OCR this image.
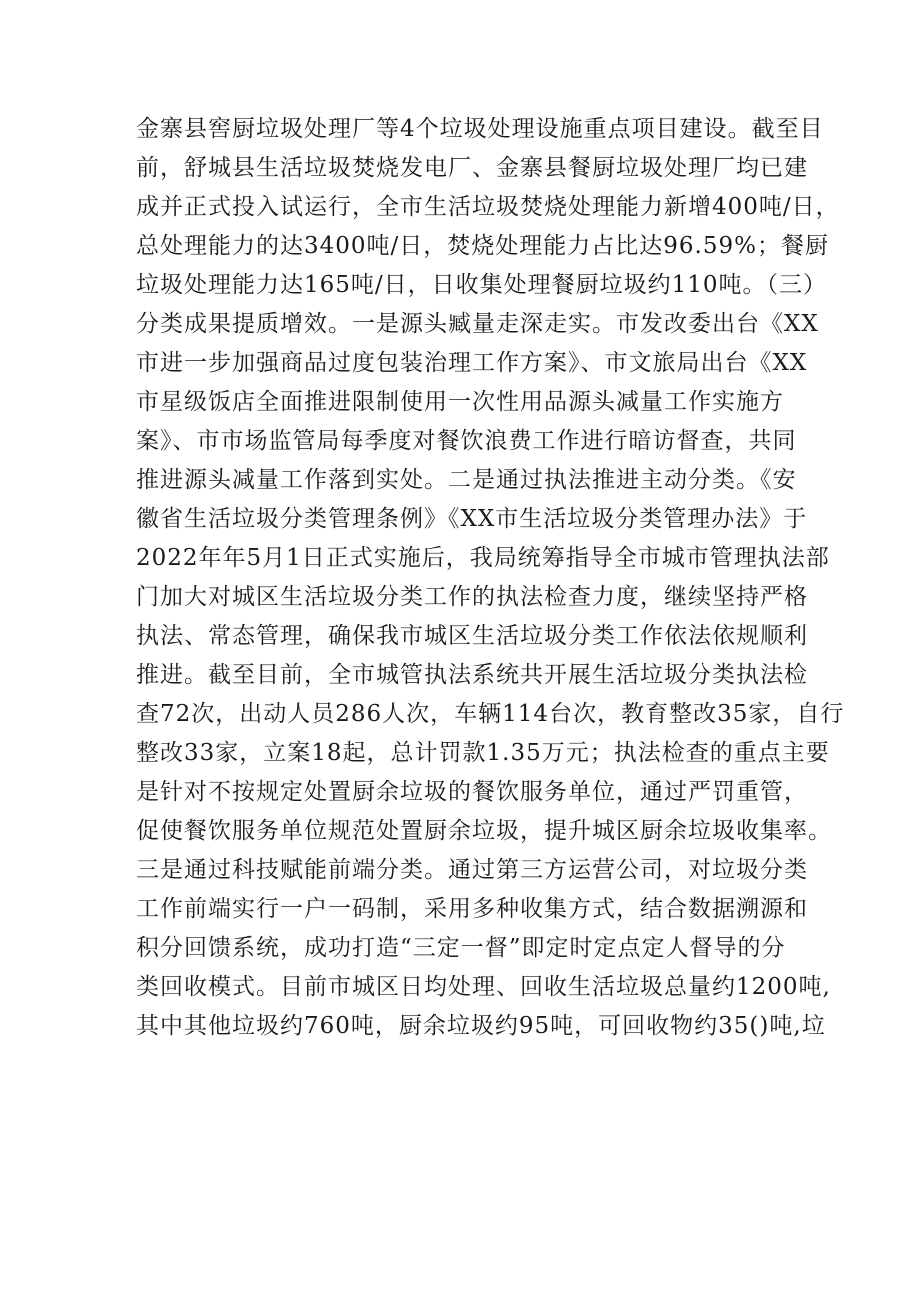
金寨县窖厨垃圾处理厂等4个垃圾处理设施重点项目建设。截至目
前，舒城县生活垃圾焚烧发电厂、金寨县餐厨垃圾处理厂均已建
成并正式投入试运行，全市生活垃圾焚烧处理能力新增400吨/日，
总处理能力的达3400吨/日，焚烧处理能力占比达96.59%；餐厨
垃圾处理能力达165吨/日，日收集处理餐厨垃圾约110吨。（三）
分类成果提质增效。一是源头臧量走深走实。市发改委出台《XX
市进一步加强商品过度包装治理工作方案》、市文旅局出台《XX
市星级饭店全面推进限制使用一次性用品源头减量工作实施方
案》、市市场监管局每季度对餐饮浪费工作进行暗访督查，共同
推进源头减量工作落到实处。二是通过执法推进主动分类。《安
徽省生活垃圾分类管理条例》《XX市生活垃圾分类管理办法》于
2022年年5月1日正式实施后，我局统筹指导全市城市管理执法部
门加大对城区生活垃圾分类工作的执法检查力度，继续坚持严格
执法、常态管理，确保我市城区生活垃圾分类工作依法依规顺利
推进。截至目前，全市城管执法系统共开展生活垃圾分类执法检
查72次，出动人员286人次，车辆114台次，教育整改35家，自行
整改33家，立案18起，总计罚款1.35万元；执法检查的重点主要
是针对不按规定处置厨余垃圾的餐饮服务单位，通过严罚重管，
促使餐饮服务单位规范处置厨余垃圾，提升城区厨余垃圾收集率。
三是通过科技赋能前端分类。通过第三方运营公司，对垃圾分类
工作前端实行一户一码制，采用多种收集方式，结合数据溯源和
积分回馈系统，成功打造“三定一督”即定时定点定人督导的分
类回收模式。目前市城区日均处理、回收生活垃圾总量约1200吨,
其中其他垃圾约760吨，厨余垃圾约95吨，可回收物约35()吨,垃
